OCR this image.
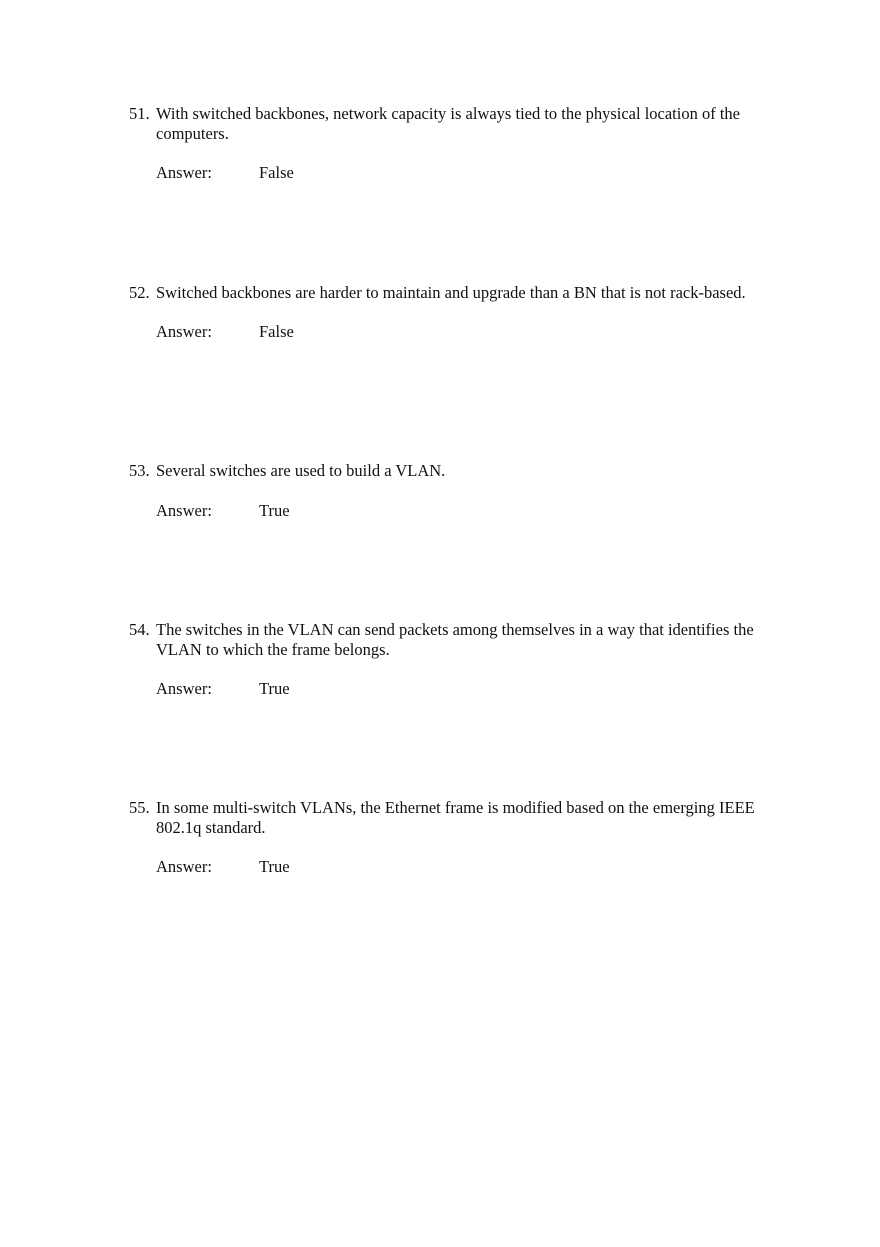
51. With switched backbones, network capacity is always tied to the physical location of the computers.
Answer:	False
52. Switched backbones are harder to maintain and upgrade than a BN that is not rack-based.
Answer:	False
53. Several switches are used to build a VLAN.
Answer:	True
54. The switches in the VLAN can send packets among themselves in a way that identifies the VLAN to which the frame belongs.
Answer:	True
55. In some multi-switch VLANs, the Ethernet frame is modified based on the emerging IEEE 802.1q standard.
Answer:	True
